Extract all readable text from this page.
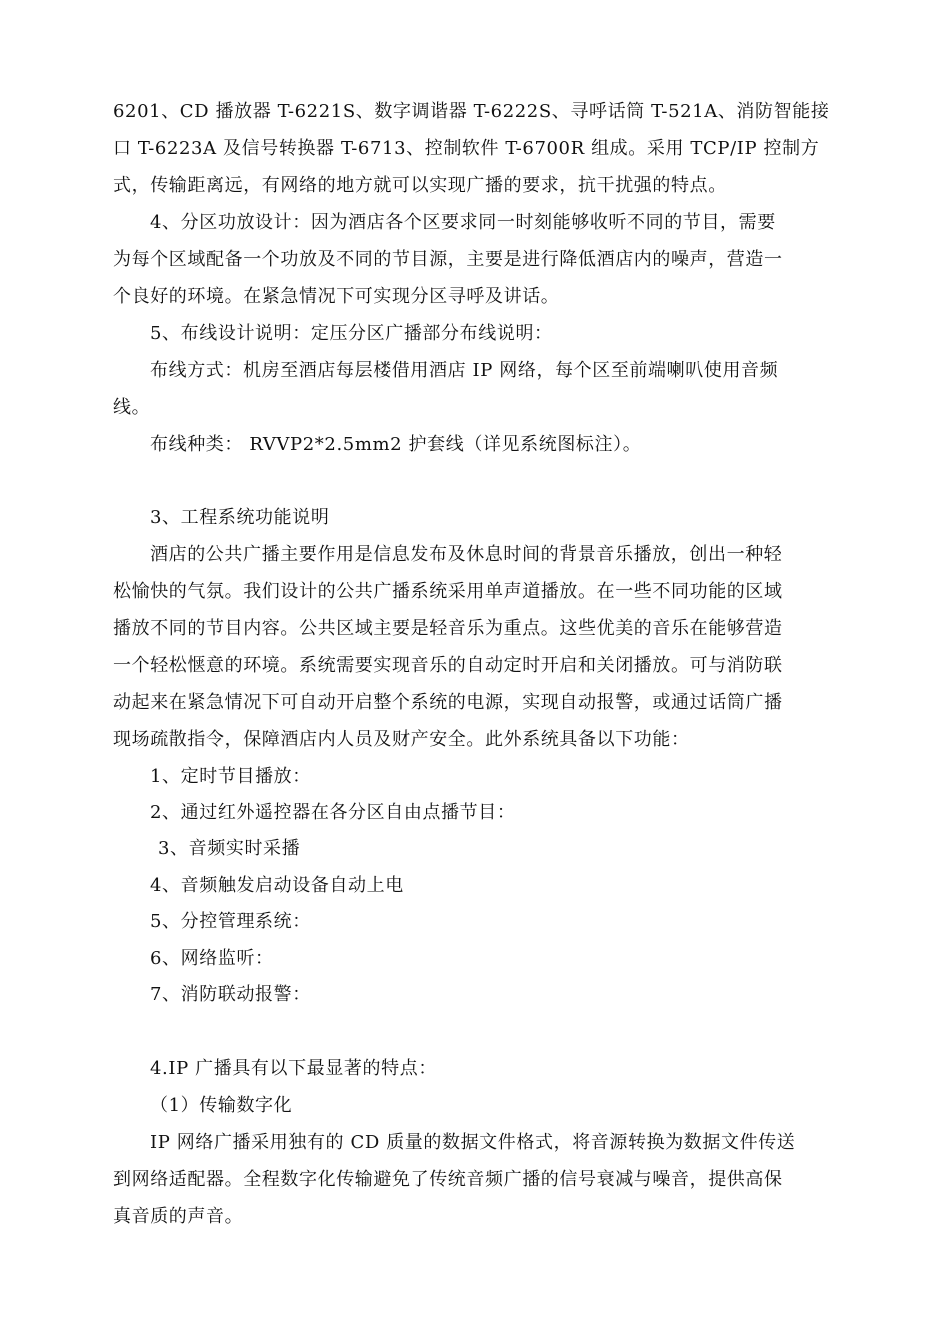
6201、CD 播放器 T-6221S、数字调谐器 T-6222S、寻呼话筒 T-521A、消防智能接
口 T-6223A 及信号转换器 T-6713、控制软件 T-6700R 组成。采用 TCP/IP 控制方
式，传输距离远，有网络的地方就可以实现广播的要求，抗干扰强的特点。
4、分区功放设计：因为酒店各个区要求同一时刻能够收听不同的节目，需要
为每个区域配备一个功放及不同的节目源，主要是进行降低酒店内的噪声，营造一
个良好的环境。在紧急情况下可实现分区寻呼及讲话。
5、布线设计说明：定压分区广播部分布线说明：
布线方式：机房至酒店每层楼借用酒店 IP 网络，每个区至前端喇叭使用音频
线。
布线种类： RVVP2*2.5mm2 护套线（详见系统图标注）。
3、工程系统功能说明
酒店的公共广播主要作用是信息发布及休息时间的背景音乐播放，创出一种轻
松愉快的气氛。我们设计的公共广播系统采用单声道播放。在一些不同功能的区域
播放不同的节目内容。公共区域主要是轻音乐为重点。这些优美的音乐在能够营造
一个轻松惬意的环境。系统需要实现音乐的自动定时开启和关闭播放。可与消防联
动起来在紧急情况下可自动开启整个系统的电源，实现自动报警，或通过话筒广播
现场疏散指令，保障酒店内人员及财产安全。此外系统具备以下功能：
1、定时节目播放：
2、通过红外遥控器在各分区自由点播节目：
3、音频实时采播
4、音频触发启动设备自动上电
5、分控管理系统：
6、网络监听：
7、消防联动报警：
4.IP 广播具有以下最显著的特点：
（1）传输数字化
IP 网络广播采用独有的 CD 质量的数据文件格式，将音源转换为数据文件传送
到网络适配器。全程数字化传输避免了传统音频广播的信号衰减与噪音，提供高保
真音质的声音。
